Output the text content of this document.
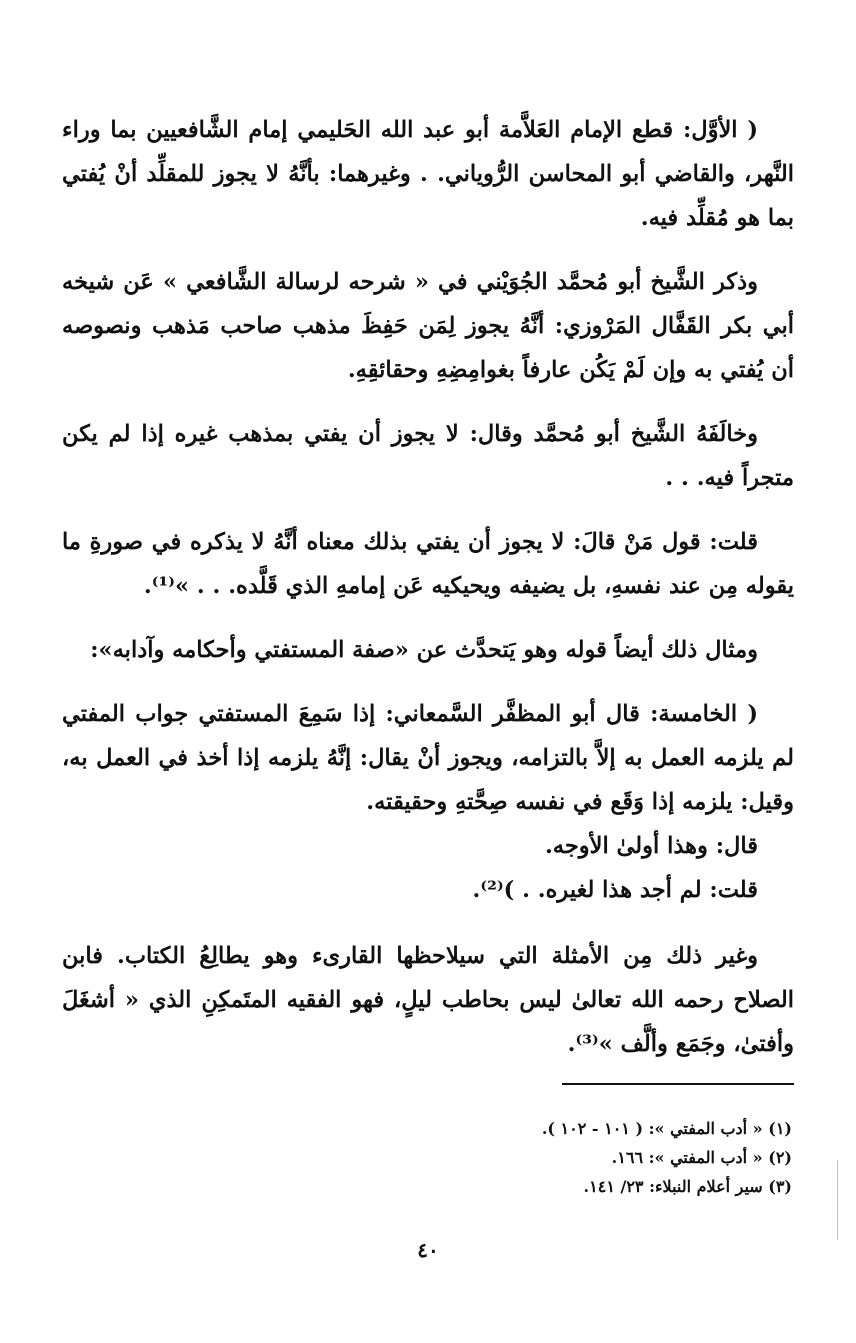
( الأوَّل: قطع الإمام العَلاَّمة أبو عبد الله الحَليمي إمام الشَّافعيين بما وراء النَّهر، والقاضي أبو المحاسن الرُّوياني. . وغيرهما: بأنَّهُ لا يجوز للمقلِّد أنْ يُفتي بما هو مُقلِّد فيه.

وذكر الشَّيخ أبو مُحمَّد الجُوَيْني في « شرحه لرسالة الشَّافعي » عَن شيخه أبي بكر القَفَّال المَرْوزي: أنَّهُ يجوز لِمَن حَفِظَ مذهب صاحب مَذهب ونصوصه أن يُفتي به وإن لَمْ يَكُن عارفاً بغوامِضِهِ وحقائقِهِ.

وخالَفَهُ الشَّيخ أبو مُحمَّد وقال: لا يجوز أن يفتي بمذهب غيره إذا لم يكن متجراً فيه. . .

قلت: قول مَنْ قالَ: لا يجوز أن يفتي بذلك معناه أنَّهُ لا يذكره في صورةِ ما يقوله مِن عند نفسهِ، بل يضيفه ويحيكيه عَن إمامهِ الذي قَلَّده. . . »⁽¹⁾.

ومثال ذلك أيضاً قوله وهو يَتحدَّث عن «صفة المستفتي وأحكامه وآدابه»:

( الخامسة: قال أبو المظفَّر السَّمعاني: إذا سَمِعَ المستفتي جواب المفتي لم يلزمه العمل به إلاَّ بالتزامه، ويجوز أنْ يقال: إنَّهُ يلزمه إذا أخذ في العمل به، وقيل: يلزمه إذا وَقَع في نفسه صِحَّتهِ وحقيقته.

قال: وهذا أولىٰ الأوجه.

قلت: لم أجد هذا لغيره. . )⁽²⁾.

وغير ذلك مِن الأمثلة التي سيلاحظها القارىء وهو يطالِعُ الكتاب. فابن الصلاح رحمه الله تعالىٰ ليس بحاطب ليلٍ، فهو الفقيه المتَمكِنِ الذي « أشغَلَ وأفتىٰ، وجَمَع وألَّف »⁽³⁾.

(١) « أدب المفتي »: ( ١٠١ - ١٠٢ ).

(٢) « أدب المفتي »: ١٦٦.

(٣) سير أعلام النبلاء: ٢٣/ ١٤١.

٤٠
